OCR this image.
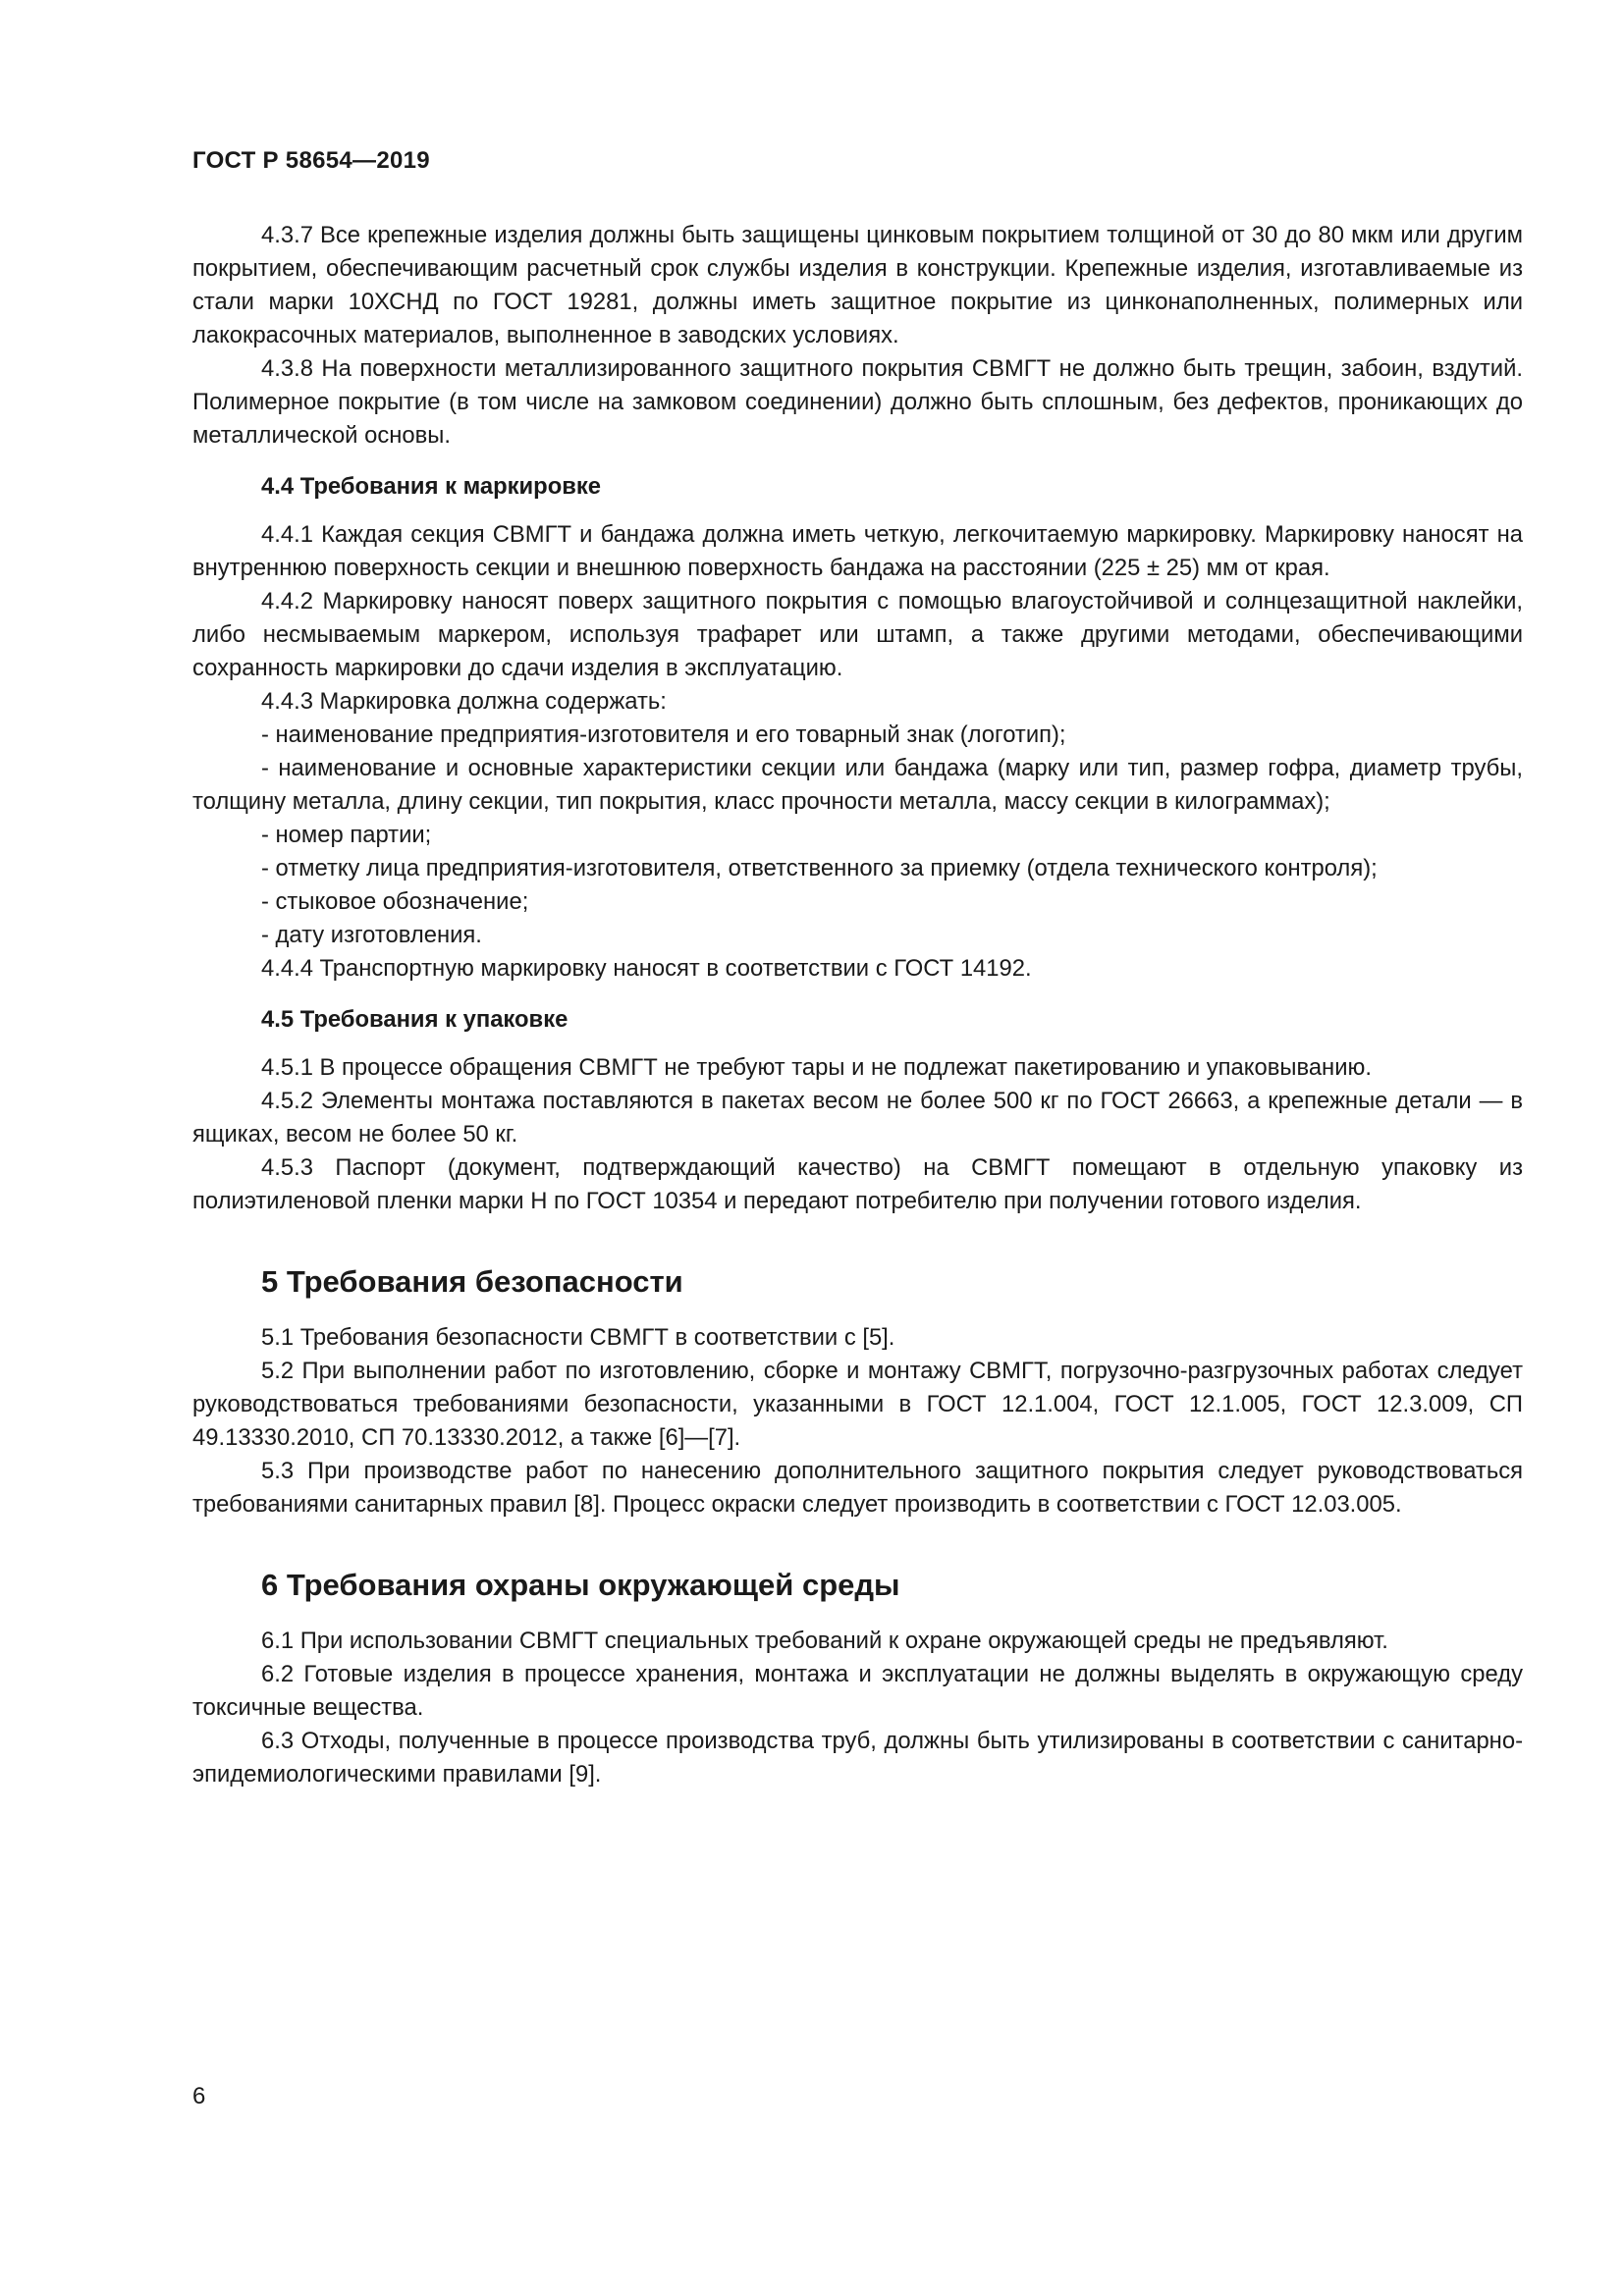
ГОСТ Р 58654—2019
4.3.7 Все крепежные изделия должны быть защищены цинковым покрытием толщиной от 30 до 80 мкм или другим покрытием, обеспечивающим расчетный срок службы изделия в конструкции. Крепежные изделия, изготавливаемые из стали марки 10ХСНД по ГОСТ 19281, должны иметь защитное покрытие из цинконаполненных, полимерных или лакокрасочных материалов, выполненное в заводских условиях.
4.3.8 На поверхности металлизированного защитного покрытия СВМГТ не должно быть трещин, забоин, вздутий. Полимерное покрытие (в том числе на замковом соединении) должно быть сплошным, без дефектов, проникающих до металлической основы.
4.4 Требования к маркировке
4.4.1 Каждая секция СВМГТ и бандажа должна иметь четкую, легкочитаемую маркировку. Маркировку наносят на внутреннюю поверхность секции и внешнюю поверхность бандажа на расстоянии (225 ± 25) мм от края.
4.4.2 Маркировку наносят поверх защитного покрытия с помощью влагоустойчивой и солнцезащитной наклейки, либо несмываемым маркером, используя трафарет или штамп, а также другими методами, обеспечивающими сохранность маркировки до сдачи изделия в эксплуатацию.
4.4.3 Маркировка должна содержать:
- наименование предприятия-изготовителя и его товарный знак (логотип);
- наименование и основные характеристики секции или бандажа (марку или тип, размер гофра, диаметр трубы, толщину металла, длину секции, тип покрытия, класс прочности металла, массу секции в килограммах);
- номер партии;
- отметку лица предприятия-изготовителя, ответственного за приемку (отдела технического контроля);
- стыковое обозначение;
- дату изготовления.
4.4.4 Транспортную маркировку наносят в соответствии с ГОСТ 14192.
4.5 Требования к упаковке
4.5.1 В процессе обращения СВМГТ не требуют тары и не подлежат пакетированию и упаковыванию.
4.5.2 Элементы монтажа поставляются в пакетах весом не более 500 кг по ГОСТ 26663, а крепежные детали — в ящиках, весом не более 50 кг.
4.5.3 Паспорт (документ, подтверждающий качество) на СВМГТ помещают в отдельную упаковку из полиэтиленовой пленки марки Н по ГОСТ 10354 и передают потребителю при получении готового изделия.
5 Требования безопасности
5.1 Требования безопасности СВМГТ в соответствии с [5].
5.2 При выполнении работ по изготовлению, сборке и монтажу СВМГТ, погрузочно-разгрузочных работах следует руководствоваться требованиями безопасности, указанными в ГОСТ 12.1.004, ГОСТ 12.1.005, ГОСТ 12.3.009, СП 49.13330.2010, СП 70.13330.2012, а также [6]—[7].
5.3 При производстве работ по нанесению дополнительного защитного покрытия следует руководствоваться требованиями санитарных правил [8]. Процесс окраски следует производить в соответствии с ГОСТ 12.03.005.
6 Требования охраны окружающей среды
6.1 При использовании СВМГТ специальных требований к охране окружающей среды не предъявляют.
6.2 Готовые изделия в процессе хранения, монтажа и эксплуатации не должны выделять в окружающую среду токсичные вещества.
6.3 Отходы, полученные в процессе производства труб, должны быть утилизированы в соответствии с санитарно-эпидемиологическими правилами [9].
6
